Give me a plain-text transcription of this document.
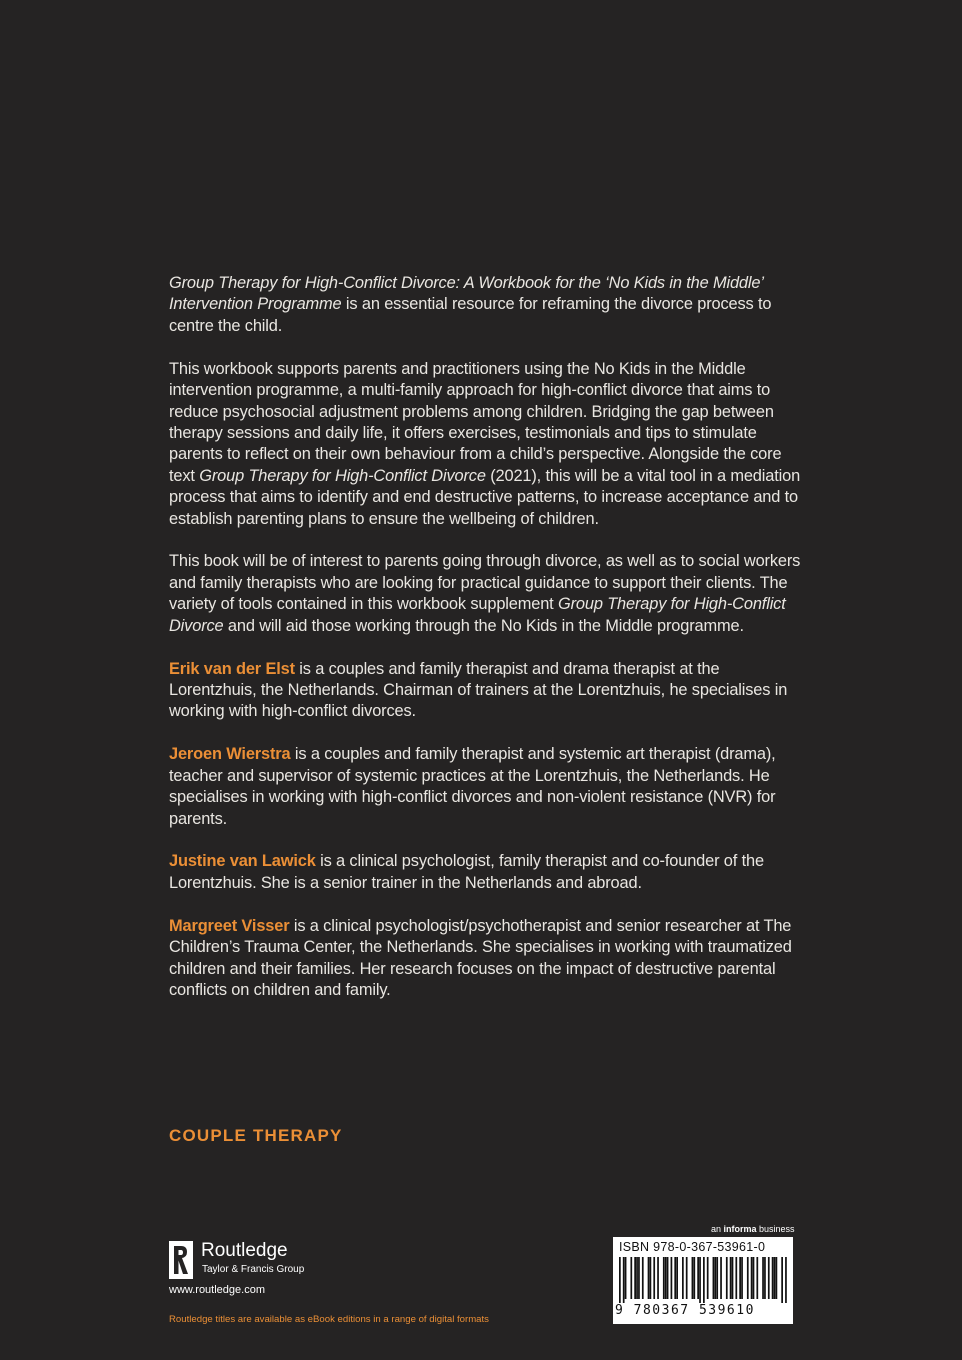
Group Therapy for High-Conflict Divorce: A Workbook for the ‘No Kids in the Middle’ Intervention Programme is an essential resource for reframing the divorce process to centre the child.

This workbook supports parents and practitioners using the No Kids in the Middle intervention programme, a multi-family approach for high-conflict divorce that aims to reduce psychosocial adjustment problems among children. Bridging the gap between therapy sessions and daily life, it offers exercises, testimonials and tips to stimulate parents to reflect on their own behaviour from a child’s perspective. Alongside the core text Group Therapy for High-Conflict Divorce (2021), this will be a vital tool in a mediation process that aims to identify and end destructive patterns, to increase acceptance and to establish parenting plans to ensure the wellbeing of children.

This book will be of interest to parents going through divorce, as well as to social workers and family therapists who are looking for practical guidance to support their clients. The variety of tools contained in this workbook supplement Group Therapy for High-Conflict Divorce and will aid those working through the No Kids in the Middle programme.

Erik van der Elst is a couples and family therapist and drama therapist at the Lorentzhuis, the Netherlands. Chairman of trainers at the Lorentzhuis, he specialises in working with high-conflict divorces.

Jeroen Wierstra is a couples and family therapist and systemic art therapist (drama), teacher and supervisor of systemic practices at the Lorentzhuis, the Netherlands. He specialises in working with high-conflict divorces and non-violent resistance (NVR) for parents.

Justine van Lawick is a clinical psychologist, family therapist and co-founder of the Lorentzhuis. She is a senior trainer in the Netherlands and abroad.

Margreet Visser is a clinical psychologist/psychotherapist and senior researcher at The Children’s Trauma Center, the Netherlands. She specialises in working with traumatized children and their families. Her research focuses on the impact of destructive parental conflicts on children and family.

COUPLE THERAPY
Routledge
Taylor & Francis Group
www.routledge.com
Routledge titles are available as eBook editions in a range of digital formats
an informa business
ISBN 978-0-367-53961-0
9 780367 539610
